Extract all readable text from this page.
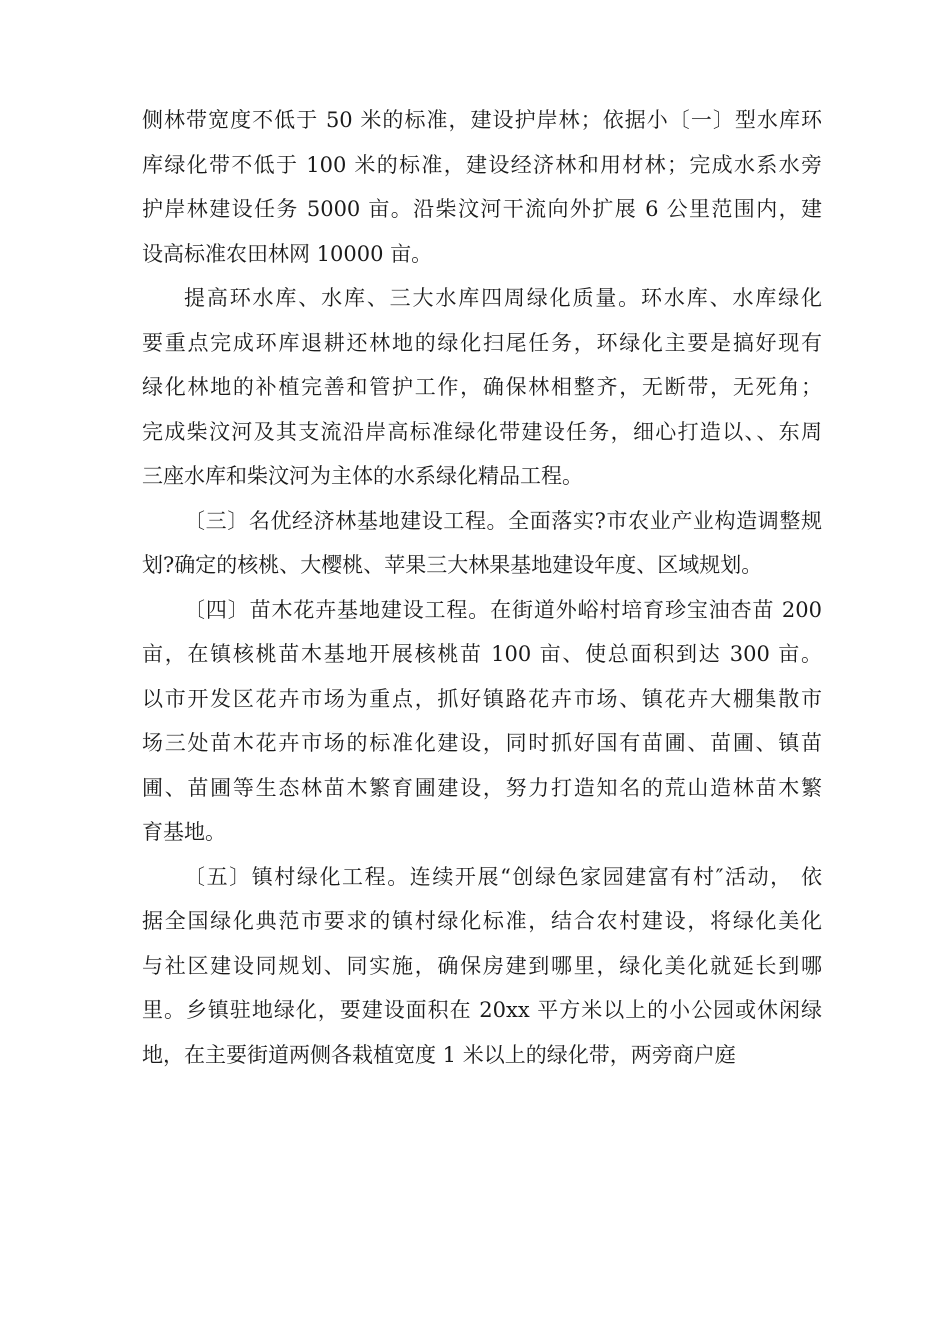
侧林带宽度不低于 50 米的标准，建设护岸林；依据小〔一〕型水库环
库绿化带不低于 100 米的标准，建设经济林和用材林；完成水系水旁
护岸林建设任务 5000 亩。沿柴汶河干流向外扩展 6 公里范围内，建
设高标准农田林网 10000 亩。
提高环水库、水库、三大水库四周绿化质量。环水库、水库绿化
要重点完成环库退耕还林地的绿化扫尾任务，环绿化主要是搞好现有
绿化林地的补植完善和管护工作，确保林相整齐，无断带，无死角；
完成柴汶河及其支流沿岸高标准绿化带建设任务，细心打造以、、东周
三座水库和柴汶河为主体的水系绿化精品工程。
〔三〕名优经济林基地建设工程。全面落实?市农业产业构造调整规
划?确定的核桃、大樱桃、苹果三大林果基地建设年度、区域规划。
〔四〕苗木花卉基地建设工程。在街道外峪村培育珍宝油杏苗 200
亩，在镇核桃苗木基地开展核桃苗 100 亩、使总面积到达 300 亩。
以市开发区花卉市场为重点，抓好镇路花卉市场、镇花卉大棚集散市
场三处苗木花卉市场的标准化建设，同时抓好国有苗圃、苗圃、镇苗
圃、苗圃等生态林苗木繁育圃建设，努力打造知名的荒山造林苗木繁
育基地。
〔五〕镇村绿化工程。连续开展“创绿色家园建富有村″活动， 依
据全国绿化典范市要求的镇村绿化标准，结合农村建设，将绿化美化
与社区建设同规划、同实施，确保房建到哪里，绿化美化就延长到哪
里。乡镇驻地绿化，要建设面积在 20xx 平方米以上的小公园或休闲绿
地，在主要街道两侧各栽植宽度 1 米以上的绿化带，两旁商户庭
